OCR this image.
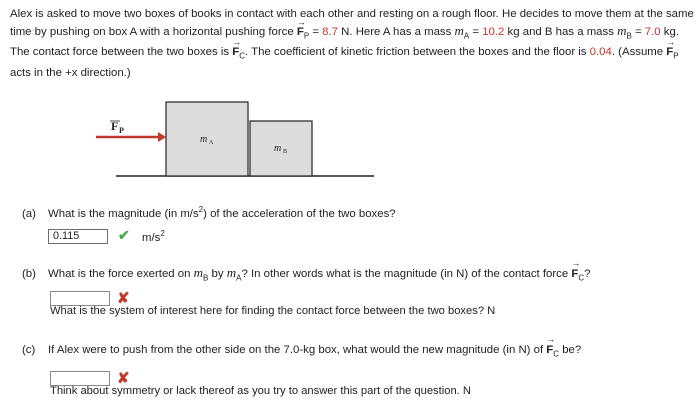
Alex is asked to move two boxes of books in contact with each other and resting on a rough floor. He decides to move them at the same time by pushing on box A with a horizontal pushing force → $F_P = 8.7$ N. Here A has a mass $m_A = 10.2$ kg and B has a mass $m_B = 7.0$ kg. The contact force between the two boxes is → $F_C$. The coefficient of kinetic friction between the boxes and the floor is 0.04. (Assume → $F_P$ acts in the +x direction.)
F P
m A	m B
(a) What is the magnitude (in $m/s^2$) of the acceleration of the two boxes?
0.115	✔ $m/s^2$
(b) What is the force exerted on $m_B$ by $m_A$? In other words what is the magnitude (in N) of the contact force → $F_C$?
✘
What is the system of interest here for finding the contact force between the two boxes? N
(c) If Alex were to push from the other side on the 7.0-kg box, what would the new magnitude (in N) of → $F_C$ be?
✘
Think about symmetry or lack thereof as you try to answer this part of the question. N
